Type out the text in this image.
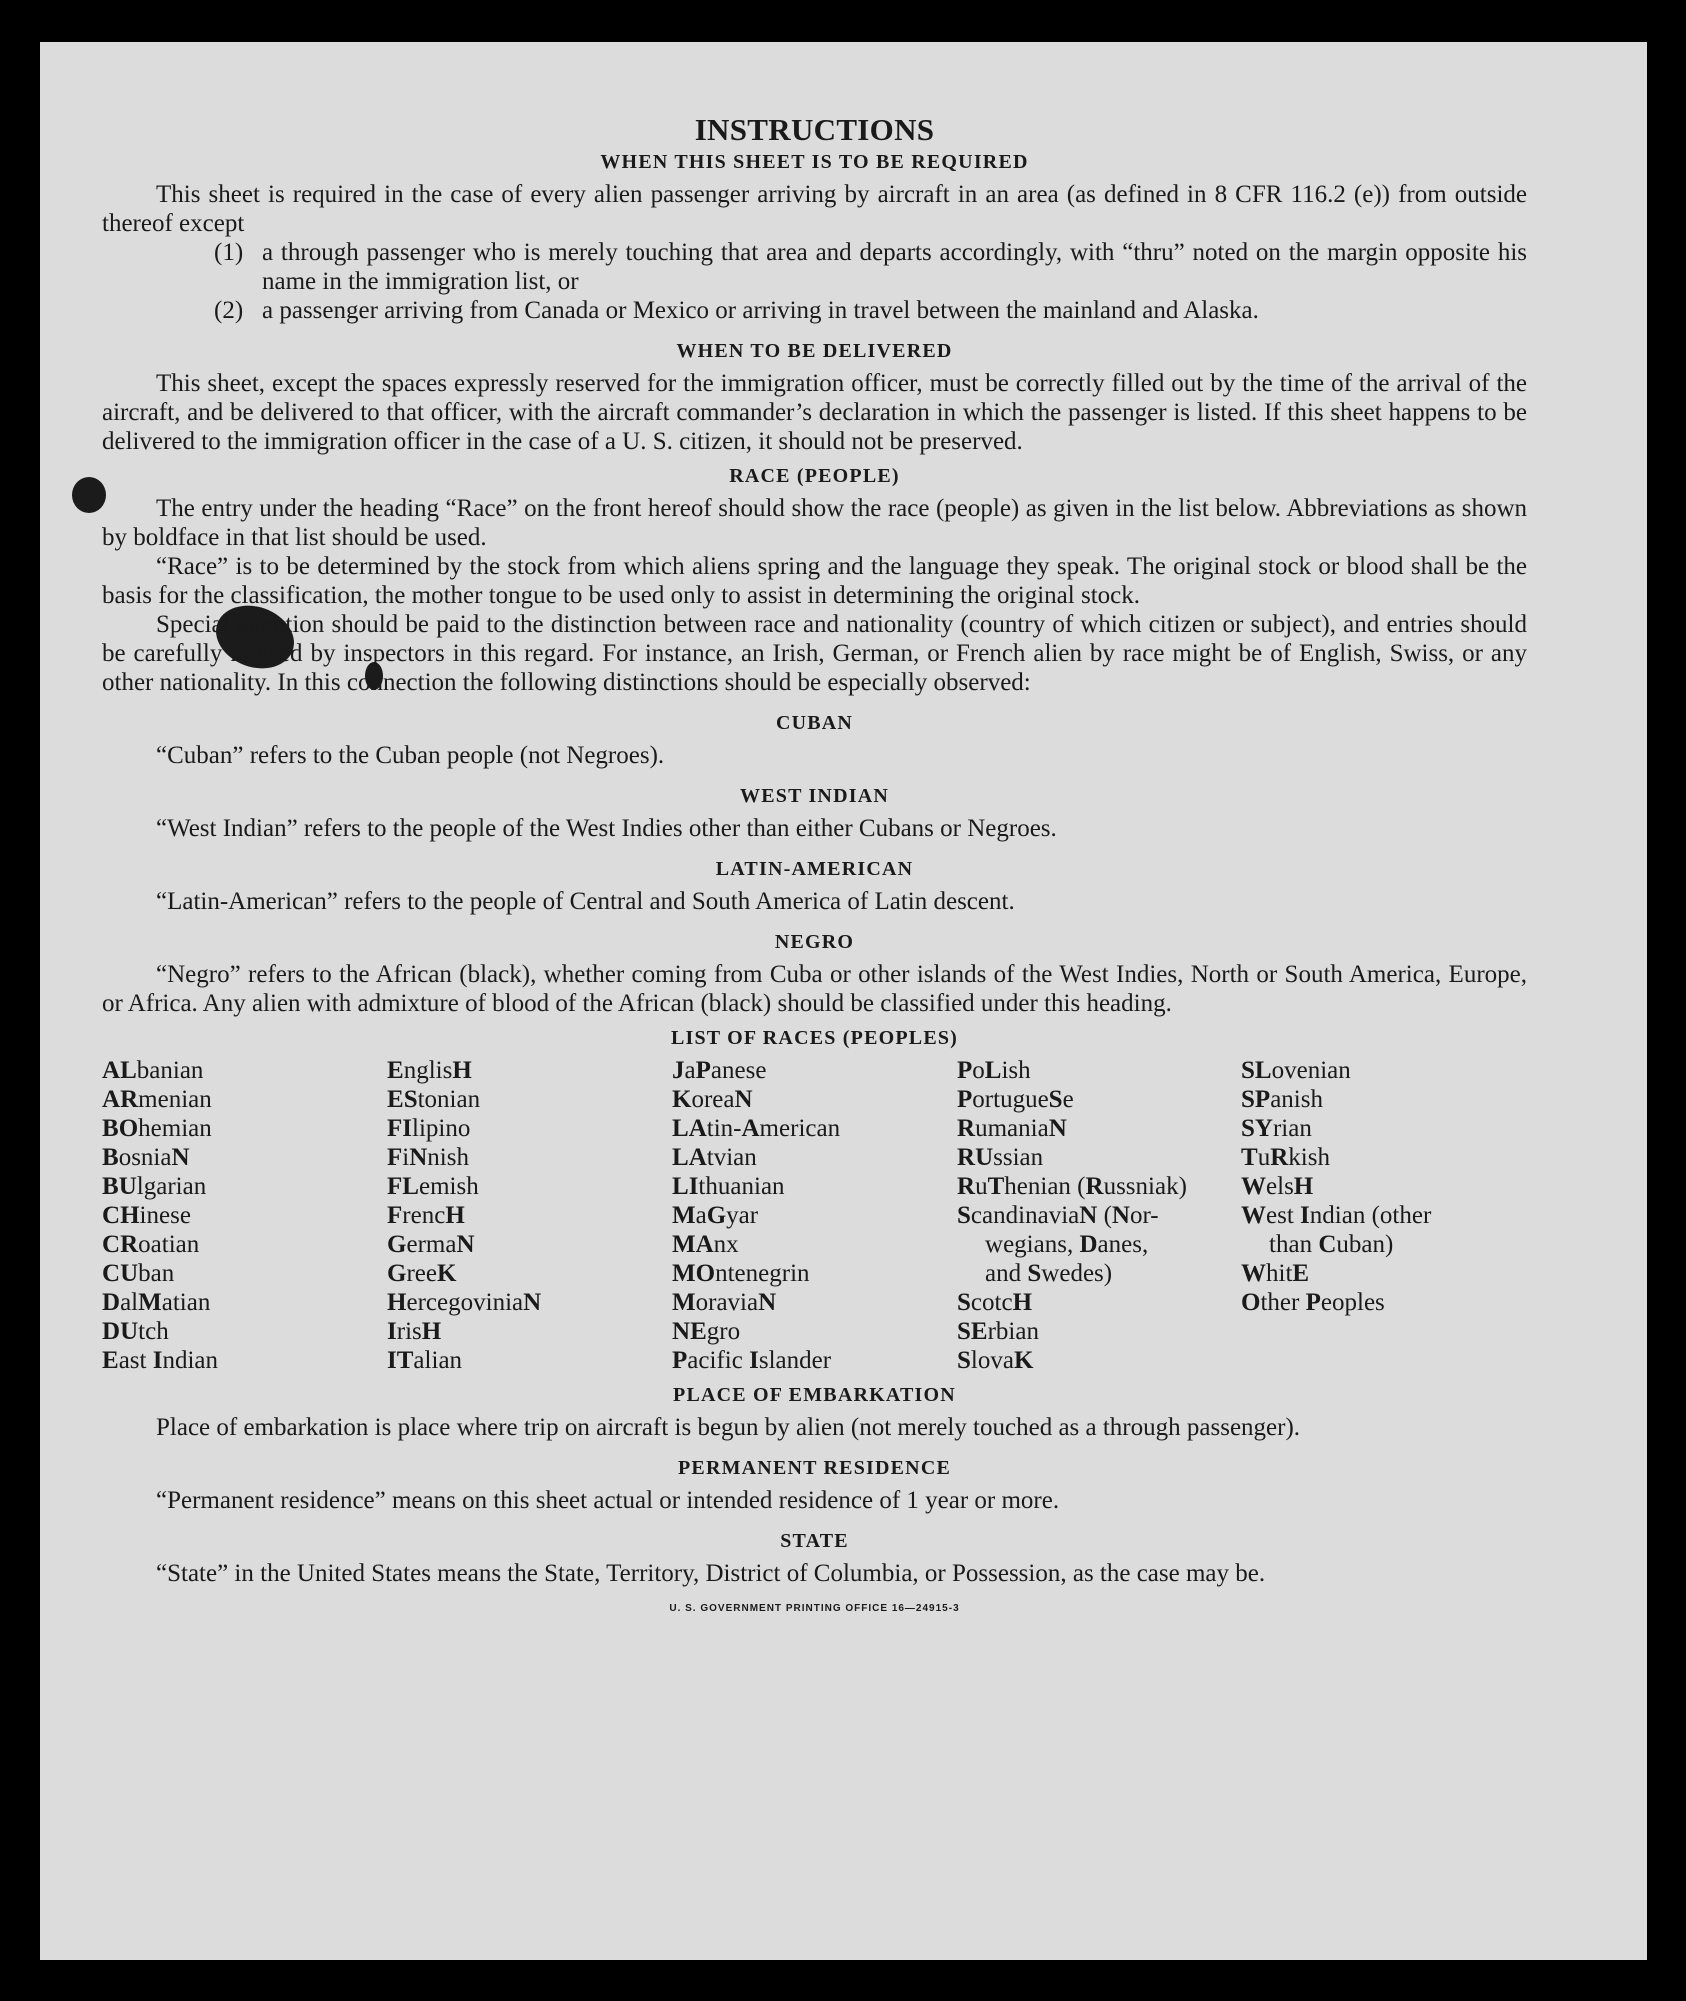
INSTRUCTIONS
WHEN THIS SHEET IS TO BE REQUIRED

This sheet is required in the case of every alien passenger arriving by aircraft in an area (as defined in 8 CFR 116.2 (e)) from outside thereof except

(1) a through passenger who is merely touching that area and departs accordingly, with “thru” noted on the margin opposite his name in the immigration list, or
(2) a passenger arriving from Canada or Mexico or arriving in travel between the mainland and Alaska.
WHEN TO BE DELIVERED

This sheet, except the spaces expressly reserved for the immigration officer, must be correctly filled out by the time of the arrival of the aircraft, and be delivered to that officer, with the aircraft commander’s declaration in which the passenger is listed. If this sheet happens to be delivered to the immigration officer in the case of a U. S. citizen, it should not be preserved.

RACE (PEOPLE)

The entry under the heading “Race” on the front hereof should show the race (people) as given in the list below. Abbreviations as shown by boldface in that list should be used.

“Race” is to be determined by the stock from which aliens spring and the language they speak. The original stock or blood shall be the basis for the classification, the mother tongue to be used only to assist in determining the original stock.

Special attention should be paid to the distinction between race and nationality (country of which citizen or subject), and entries should be carefully revised by inspectors in this regard. For instance, an Irish, German, or French alien by race might be of English, Swiss, or any other nationality. In this connection the following distinctions should be especially observed:

CUBAN

“Cuban” refers to the Cuban people (not Negroes).

WEST INDIAN

“West Indian” refers to the people of the West Indies other than either Cubans or Negroes.

LATIN-AMERICAN

“Latin-American” refers to the people of Central and South America of Latin descent.

NEGRO

“Negro” refers to the African (black), whether coming from Cuba or other islands of the West Indies, North or South America, Europe, or Africa. Any alien with admixture of blood of the African (black) should be classified under this heading.

LIST OF RACES (PEOPLES)
ALbanian
ARmenian
BOhemian
BosniaN
BUlgarian
CHinese
CRoatian
CUban
DalMatian
DUtch
East Indian
EnglisH
EStonian
FIlipino
FiNnish
FLemish
FrencH
GermaN
GreeK
HercegoviniaN
IrisH
ITalian
JaPanese
KoreaN
LAtin-American
LAtvian
LIthuanian
MaGyar
MAnx
MOntenegrin
MoraviaN
NEgro
Pacific Islander
PoLish
PortugueSe
RumaniaN
RUssian
RuThenian (Russniak)
ScandinaviaN (Nor-
wegians, Danes,
and Swedes)
ScotcH
SErbian
SlovaK
SLovenian
SPanish
SYrian
TuRkish
WelsH
West Indian (other
than Cuban)
WhitE
Other Peoples
PLACE OF EMBARKATION

Place of embarkation is place where trip on aircraft is begun by alien (not merely touched as a through passenger).

PERMANENT RESIDENCE

“Permanent residence” means on this sheet actual or intended residence of 1 year or more.

STATE

“State” in the United States means the State, Territory, District of Columbia, or Possession, as the case may be.

U. S. GOVERNMENT PRINTING OFFICE 16—24915-3
